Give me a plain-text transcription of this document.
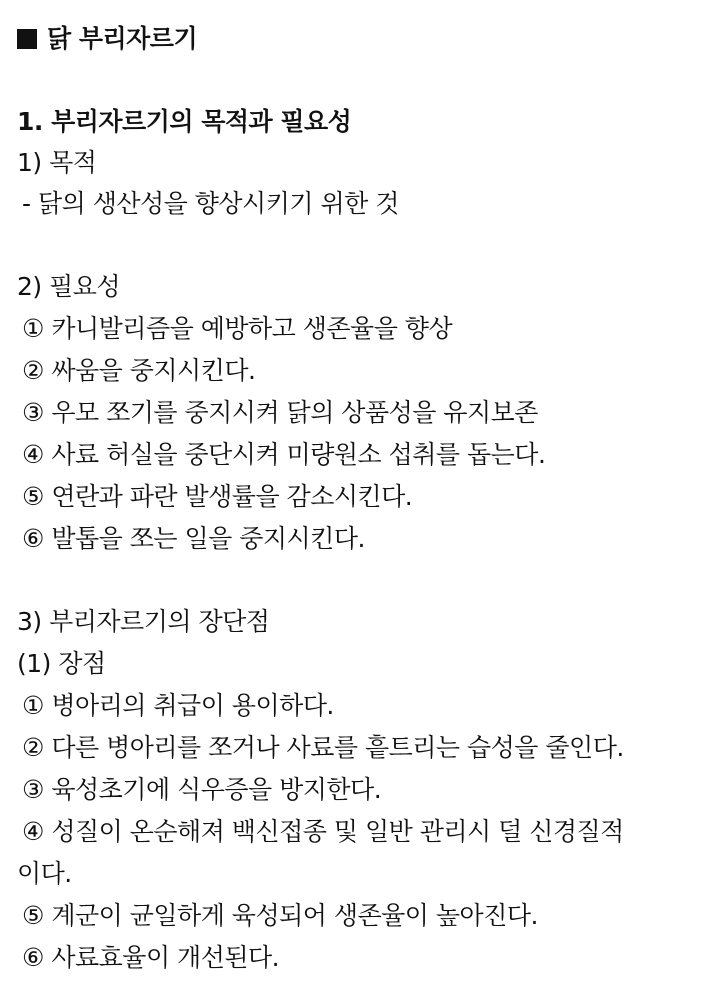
닭 부리자르기
1. 부리자르기의 목적과 필요성
1) 목적
- 닭의 생산성을 향상시키기 위한 것
2) 필요성
① 카니발리즘을 예방하고 생존율을 향상
② 싸움을 중지시킨다.
③ 우모 쪼기를 중지시켜 닭의 상품성을 유지보존
④ 사료 허실을 중단시켜 미량원소 섭취를 돕는다.
⑤ 연란과 파란 발생률을 감소시킨다.
⑥ 발톱을 쪼는 일을 중지시킨다.
3) 부리자르기의 장단점
(1) 장점
① 병아리의 취급이 용이하다.
② 다른 병아리를 쪼거나 사료를 흩트리는 습성을 줄인다.
③ 육성초기에 식우증을 방지한다.
④ 성질이 온순해져 백신접종 및 일반 관리시 덜 신경질적
이다.
⑤ 계군이 균일하게 육성되어 생존율이 높아진다.
⑥ 사료효율이 개선된다.
